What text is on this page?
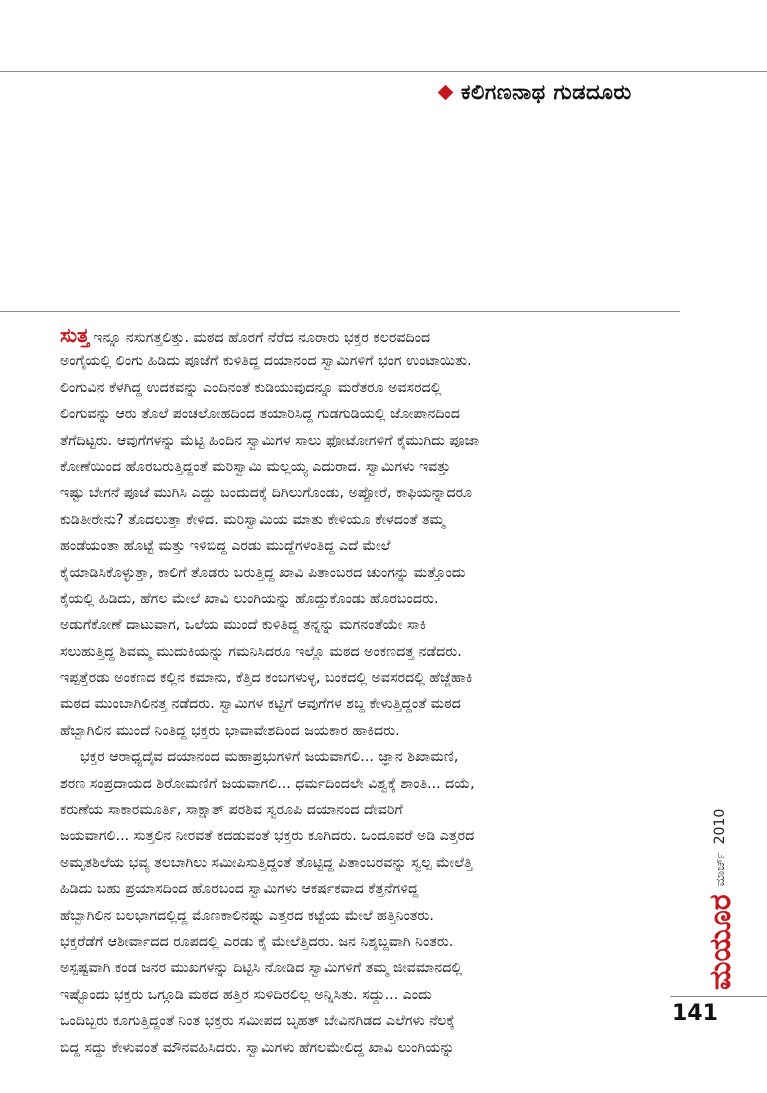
ಕಲಿಗಣನಾಥ ಗುಡದೂರು
ಸುತ್ತ ಇನ್ನೂ ನಸುಗತ್ತಲಿತ್ತು. ಮಠದ ಹೊರಗೆ ನೆರೆದ ನೂರಾರು ಭಕ್ತರ ಕಲರವದಿಂದ
ಅಂಗೈಯಲ್ಲಿ ಲಿಂಗು ಹಿಡಿದು ಪೂಜೆಗೆ ಕುಳಿತಿದ್ದ ದಯಾನಂದ ಸ್ವಾಮಿಗಳಿಗೆ ಭಂಗ ಉಂಟಾಯಿತು.
ಲಿಂಗುವಿನ ಕೆಳಗಿದ್ದ ಉದಕವನ್ನು ಎಂದಿನಂತೆ ಕುಡಿಯುವುದನ್ನೂ ಮರೆತರೂ ಅವಸರದಲ್ಲಿ
ಲಿಂಗುವನ್ನು ಆರು ತೊಲೆ ಪಂಚಲೋಹದಿಂದ ತಯಾರಿಸಿದ್ದ ಗುಡಗುಡಿಯಲ್ಲಿ ಜೋಪಾನದಿಂದ
ತೆಗೆದಿಟ್ಟರು. ಆವುಗೆಗಳನ್ನು ಮೆಟ್ಟಿ ಹಿಂದಿನ ಸ್ವಾಮಿಗಳ ಸಾಲು ಫೋಟೋಗಳಿಗೆ ಕೈಮುಗಿದು ಪೂಜಾ
ಕೋಣೆಯಿಂದ ಹೊರಬರುತ್ತಿದ್ದಂತೆ ಮರಿಸ್ವಾಮಿ ಮಲ್ಲಯ್ಯ ಎದುರಾದ. ಸ್ವಾಮಿಗಳು ಇವತ್ತು
ಇಷ್ಟು ಬೇಗನೆ ಪೂಜೆ ಮುಗಿಸಿ ಎದ್ದು ಬಂದುದಕ್ಕೆ ದಿಗಿಲುಗೊಂಡು, ಅಪ್ಪೋರೆ, ಕಾಫಿಯನ್ನಾದರೂ
ಕುಡಿತೀರೇನು? ತೊದಲುತ್ತಾ ಕೇಳಿದ. ಮರಿಸ್ವಾಮಿಯ ಮಾತು ಕೇಳಿಯೂ ಕೇಳದಂತೆ ತಮ್ಮ
ಹಂಡೆಯಂತಾ ಹೊಟ್ಟೆ ಮತ್ತು ಇಳಿಬಿದ್ದ ಎರಡು ಮುದ್ದೆಗಳಂತಿದ್ದ ಎದೆ ಮೇಲೆ
ಕೈಯಾಡಿಸಿಕೊಳ್ಳುತ್ತಾ, ಕಾಲಿಗೆ ತೊಡರು ಬರುತ್ತಿದ್ದ ಖಾವಿ ಪಿತಾಂಬರದ ಚುಂಗನ್ನು ಮತ್ತೊಂದು
ಕೈಯಲ್ಲಿ ಹಿಡಿದು, ಹೆಗಲ ಮೇಲೆ ಖಾವಿ ಲುಂಗಿಯನ್ನು ಹೊದ್ದುಕೊಂಡು ಹೊರಬಂದರು.
ಅಡುಗೆಕೋಣೆ ದಾಟುವಾಗ, ಒಲೆಯ ಮುಂದೆ ಕುಳಿತಿದ್ದ ತನ್ನನ್ನು ಮಗನಂತೆಯೇ ಸಾಕಿ
ಸಲುಹುತ್ತಿದ್ದ ಶಿವಮ್ಮ ಮುದುಕಿಯನ್ನು ಗಮನಿಸಿದರೂ ಇಲ್ಲೊ ಮಠದ ಅಂಕಣದತ್ತ ನಡೆದರು.
ಇಪ್ಪತ್ತೆರಡು ಅಂಕಣದ ಕಲ್ಲಿನ ಕಮಾನು, ಕೆತ್ತಿದ ಕಂಬಗಳುಳ್ಳ, ಬಂಕದಲ್ಲಿ ಅವಸರದಲ್ಲಿ ಹೆಜ್ಜೆಹಾಕಿ
ಮಠದ ಮುಂಬಾಗಿಲಿನತ್ತ ನಡೆದರು. ಸ್ವಾಮಿಗಳ ಕಟ್ಟಿಗೆ ಆವುಗೆಗಳ ಶಬ್ದ ಕೇಳುತ್ತಿದ್ದಂತೆ ಮಠದ
ಹೆಬ್ಬಾಗಿಲಿನ ಮುಂದೆ ನಿಂತಿದ್ದ ಭಕ್ತರು ಭಾವಾವೇಶದಿಂದ ಜಯಕಾರ ಹಾಕಿದರು.
ಭಕ್ತರ ಆರಾಧ್ಯದೈವ ದಯಾನಂದ ಮಹಾಪ್ರಭುಗಳಿಗೆ ಜಯವಾಗಲಿ... ಜ್ಞಾನ ಶಿಖಾಮಣಿ,
ಶರಣ ಸಂಪ್ರದಾಯದ ಶಿರೋಮಣಿಗೆ ಜಯವಾಗಲಿ... ಧರ್ಮದಿಂದಲೇ ವಿಶ್ವಕ್ಕೆ ಶಾಂತಿ... ದಯೆ,
ಕರುಣೆಯ ಸಾಕಾರಮೂರ್ತಿ, ಸಾಕ್ಷಾತ್ ಪರಶಿವ ಸ್ವರೂಪಿ ದಯಾನಂದ ದೇವರಿಗೆ
ಜಯವಾಗಲಿ... ಸುತ್ತಲಿನ ನೀರವತೆ ಕದಡುವಂತೆ ಭಕ್ತರು ಕೂಗಿದರು. ಒಂದೂವರೆ ಅಡಿ ಎತ್ತರದ
ಅಮೃತಶಿಲೆಯ ಭವ್ಯ ತಲಬಾಗಿಲು ಸಮೀಪಿಸುತ್ತಿದ್ದಂತೆ ತೊಟ್ಟಿದ್ದ ಪಿತಾಂಬರವನ್ನು ಸ್ವಲ್ಪ ಮೇಲೆತ್ತಿ
ಹಿಡಿದು ಬಹು ಪ್ರಯಾಸದಿಂದ ಹೊರಬಂದ ಸ್ವಾಮಿಗಳು ಆಕರ್ಷಕವಾದ ಕೆತ್ತನೆಗಳಿದ್ದ
ಹೆಬ್ಬಾಗಿಲಿನ ಬಲಭಾಗದಲ್ಲಿದ್ದ ಮೊಣಕಾಲಿನಷ್ಟು ಎತ್ತರದ ಕಟ್ಟೆಯ ಮೇಲೆ ಹತ್ತಿನಿಂತರು.
ಭಕ್ತರೆಡೆಗೆ ಆಶೀರ್ವಾದದ ರೂಪದಲ್ಲಿ ಎರಡು ಕೈ ಮೇಲೆತ್ತಿದರು. ಜನ ನಿಶ್ಶಬ್ದವಾಗಿ ನಿಂತರು.
ಅಸ್ಪಷ್ಟವಾಗಿ ಕಂಡ ಜನರ ಮುಖಗಳನ್ನು ದಿಟ್ಟಿಸಿ ನೋಡಿದ ಸ್ವಾಮಿಗಳಿಗೆ ತಮ್ಮ ಜೀವಮಾನದಲ್ಲಿ
ಇಷ್ಟೊಂದು ಭಕ್ತರು ಒಗ್ಗೂಡಿ ಮಠದ ಹತ್ತಿರ ಸುಳಿದಿರಲಿಲ್ಲ ಅನ್ನಿಸಿತು. ಸದ್ದು... ಎಂದು
ಒಂದಿಬ್ಬರು ಕೂಗುತ್ತಿದ್ದಂತೆ ನಿಂತ ಭಕ್ತರು ಸಮೀಪದ ಬೃಹತ್ ಬೇವಿನಗಿಡದ ಎಲೆಗಳು ನೆಲಕ್ಕೆ
ಬಿದ್ದ ಸದ್ದು ಕೇಳುವಂತೆ ಮೌನವಹಿಸಿದರು. ಸ್ವಾಮಿಗಳು ಹೆಗಲಮೇಲಿದ್ದ ಖಾವಿ ಲುಂಗಿಯನ್ನು
ಮಯೂರ
ಮಾರ್ಚ್
2010
141
